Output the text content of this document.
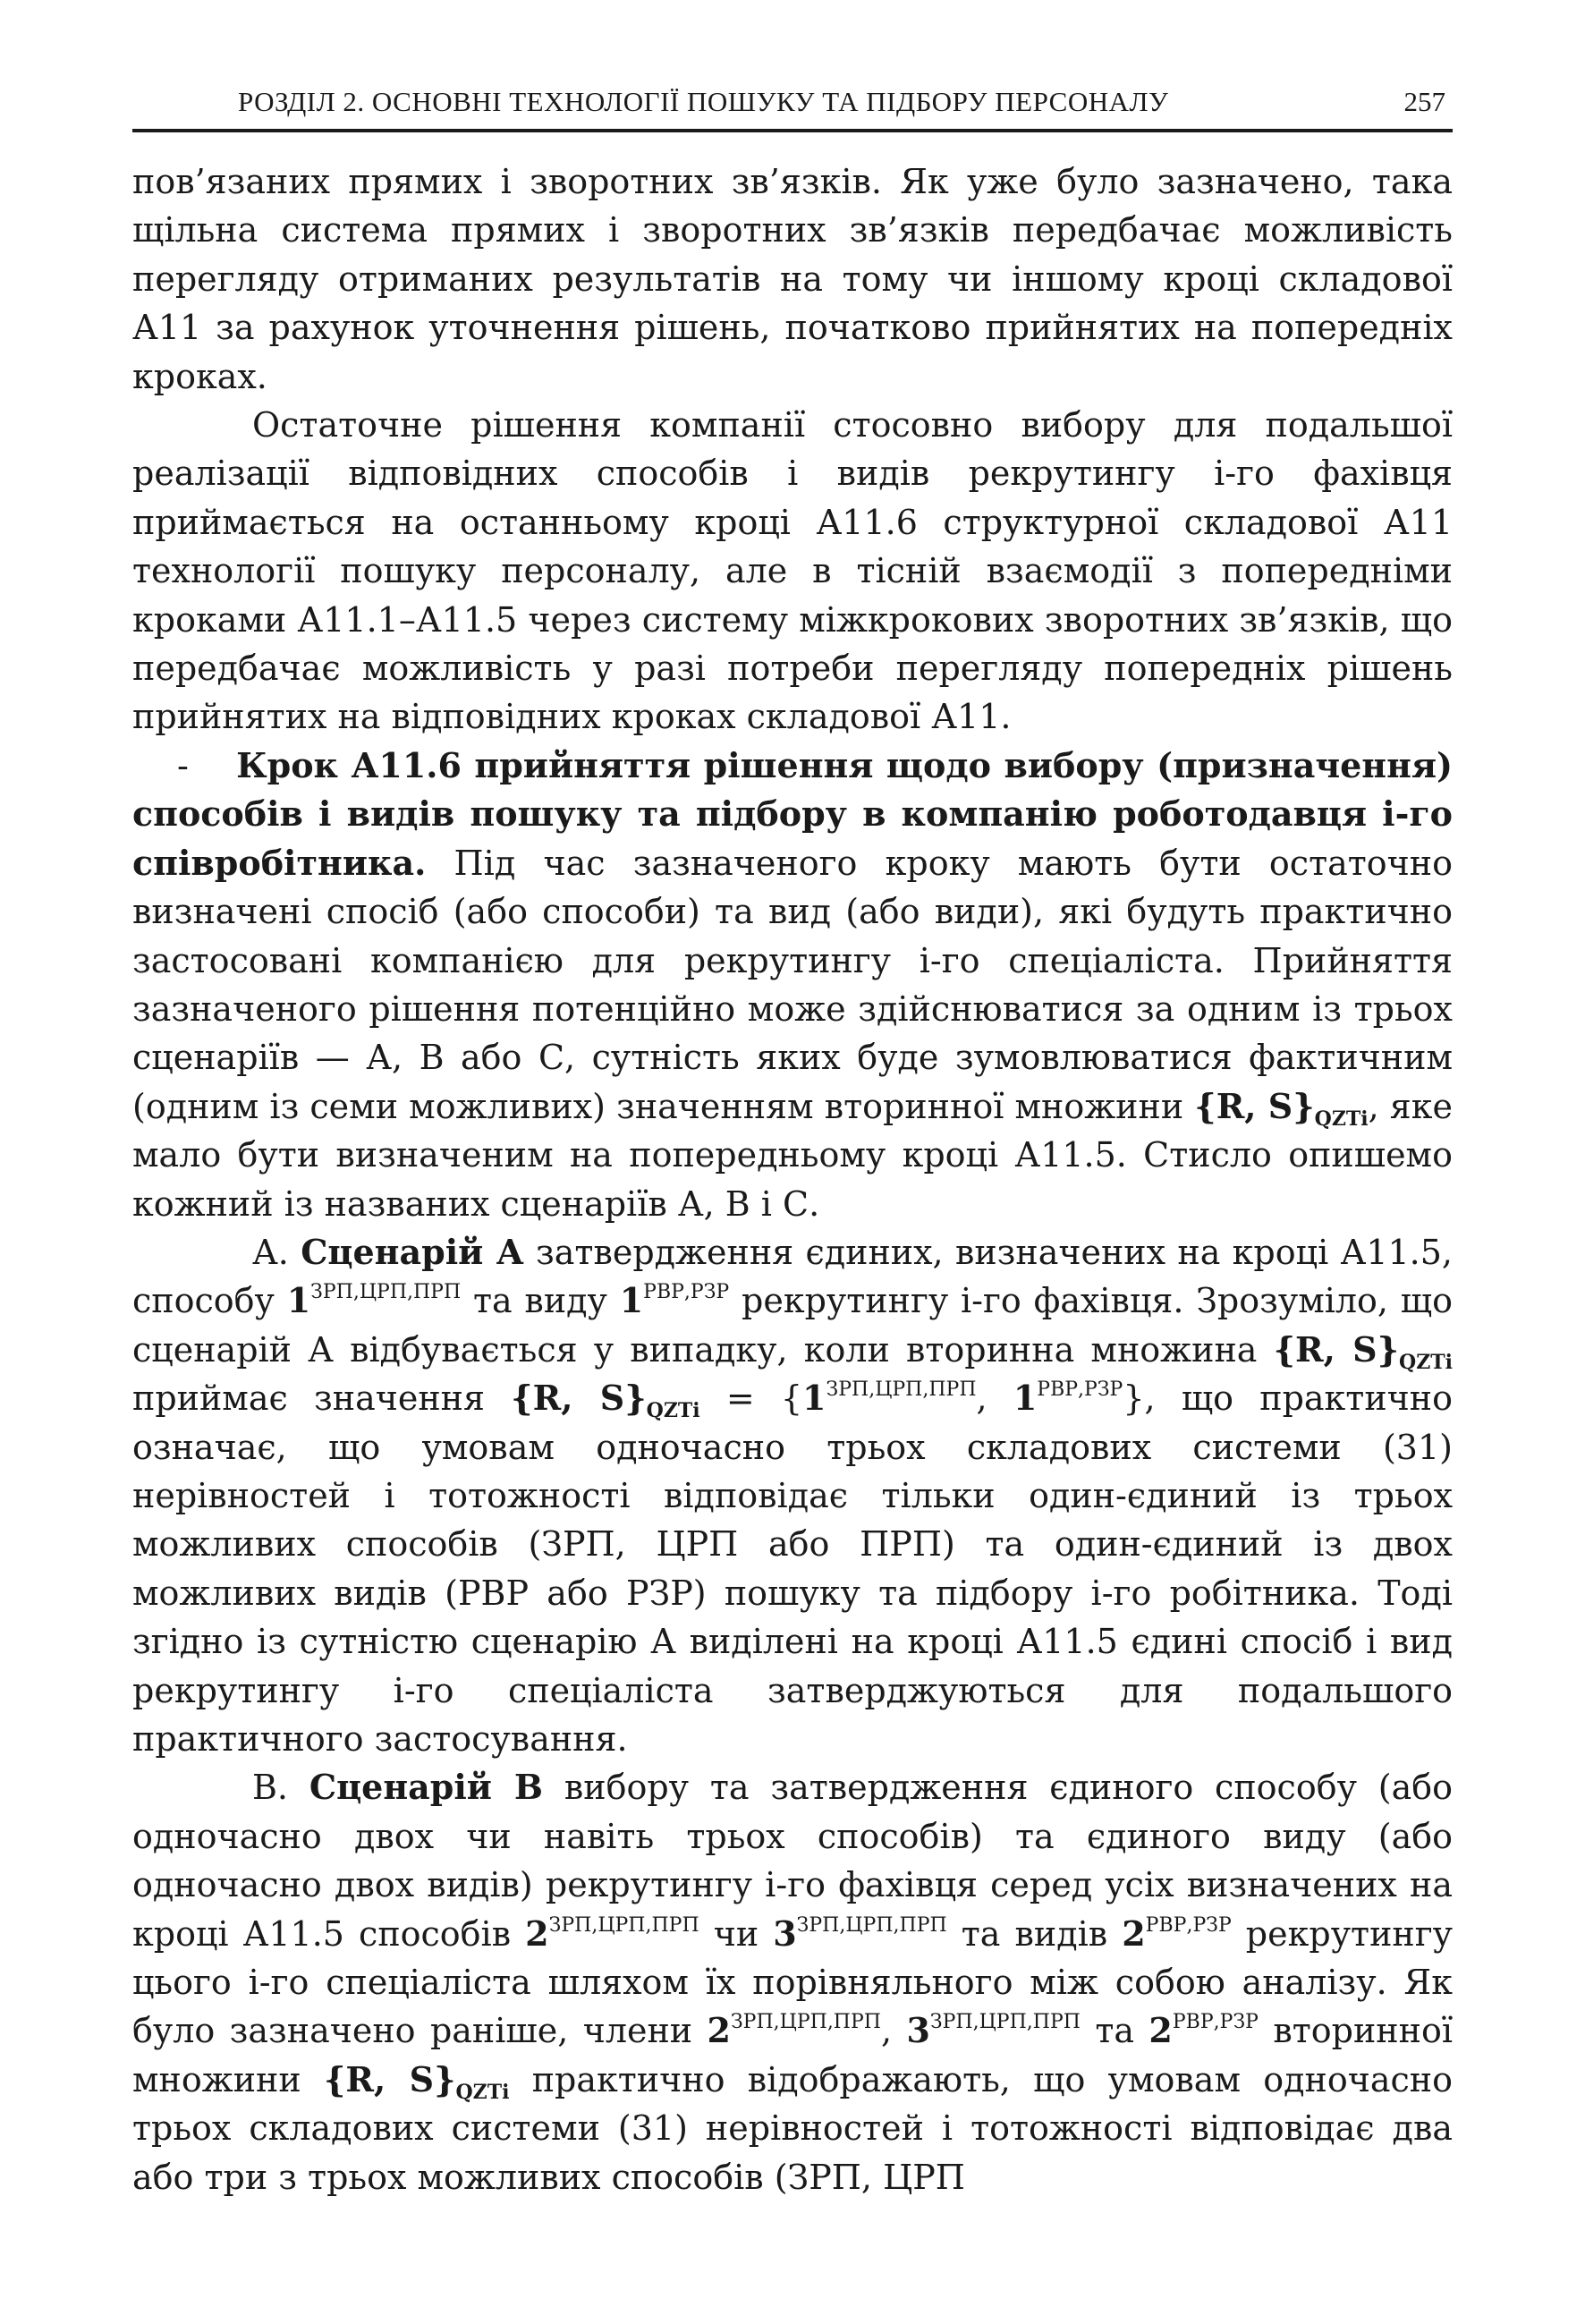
РОЗДІЛ 2. ОСНОВНІ ТЕХНОЛОГІЇ ПОШУКУ ТА ПІДБОРУ ПЕРСОНАЛУ	257

пов’язаних прямих і зворотних зв’язків. Як уже було зазначено, така щільна система прямих і зворотних зв’язків передбачає можливість перегляду отриманих результатів на тому чи іншому кроці складової А11 за рахунок уточнення рішень, початково прийнятих на попередніх кроках.

Остаточне рішення компанії стосовно вибору для подальшої реалізації відповідних способів і видів рекрутингу і-го фахівця приймається на останньому кроці А11.6 структурної складової А11 технології пошуку персоналу, але в тісній взаємодії з попередніми кроками А11.1–А11.5 через систему міжкрокових зворотних зв’язків, що передбачає можливість у разі потреби перегляду попередніх рішень прийнятих на відповідних кроках складової А11.

- Крок А11.6 прийняття рішення щодо вибору (призначення) способів і видів пошуку та підбору в компанію роботодавця і-го співробітника. Під час зазначеного кроку мають бути остаточно визначені спосіб (або способи) та вид (або види), які будуть практично застосовані компанією для рекрутингу і-го спеціаліста. Прийняття зазначеного рішення потенційно може здійснюватися за одним із трьох сценаріїв — А, В або С, сутність яких буде зумовлюватися фактичним (одним із семи можливих) значенням вторинної множини {R, $S\}_{QZTi}$, яке мало бути визначеним на попередньому кроці А11.5. Стисло опишемо кожний із названих сценаріїв А, В і С.

А. Сценарій А затвердження єдиних, визначених на кроці А11.5, способу $1^{ЗРП,ЦРП,ПРП}$ та виду $1^{РВР,РЗР}$ рекрутингу і-го фахівця. Зрозуміло, що сценарій А відбувається у випадку, коли вторинна множина {R, $S\}_{QZTi}$ приймає значення {R, $S\}_{QZTi} = \{1^{ЗРП,ЦРП,ПРП}$, $1^{РВР,РЗР}$}, що практично означає, що умовам одночасно трьох складових системи (31) нерівностей і тотожності відповідає тільки один-єдиний із трьох можливих способів (ЗРП, ЦРП або ПРП) та один-єдиний із двох можливих видів (РВР або РЗР) пошуку та підбору і-го робітника. Тоді згідно із сутністю сценарію А виділені на кроці А11.5 єдині спосіб і вид рекрутингу і-го спеціаліста затверджуються для подальшого практичного застосування.

В. Сценарій В вибору та затвердження єдиного способу (або одночасно двох чи навіть трьох способів) та єдиного виду (або одночасно двох видів) рекрутингу і-го фахівця серед усіх визначених на кроці А11.5 способів $2^{ЗРП,ЦРП,ПРП}$ чи $3^{ЗРП,ЦРП,ПРП}$ та видів $2^{РВР,РЗР}$ рекрутингу цього і-го спеціаліста шляхом їх порівняльного між собою аналізу. Як було зазначено раніше, члени $2^{ЗРП,ЦРП,ПРП}$, $3^{ЗРП,ЦРП,ПРП}$ та $2^{РВР,РЗР}$ вторинної множини {R, $S\}_{QZTi}$ практично відображають, що умовам одночасно трьох складових системи (31) нерівностей і тотожності відповідає два або три з трьох можливих способів (ЗРП, ЦРП
